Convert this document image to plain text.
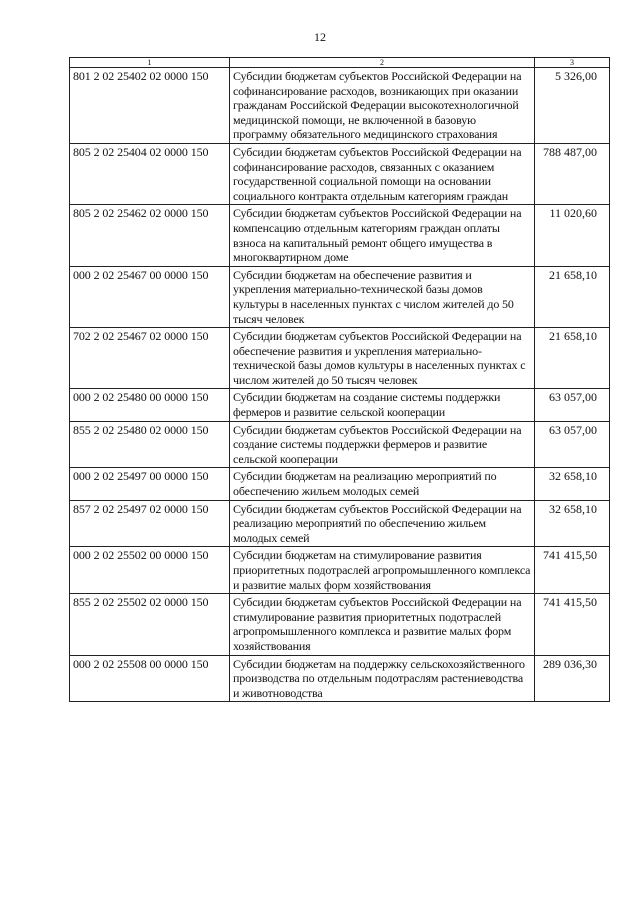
12
1	2	3
801 2 02 25402 02 0000 150	Субсидии бюджетам субъектов Российской Федерации на софинансирование расходов, возникающих при оказании гражданам Российской Федерации высокотехнологичной медицинской помощи, не включенной в базовую программу обязательного медицинского страхования	5 326,00
805 2 02 25404 02 0000 150	Субсидии бюджетам субъектов Российской Федерации на софинансирование расходов, связанных с оказанием государственной социальной помощи на основании социального контракта отдельным категориям граждан	788 487,00
805 2 02 25462 02 0000 150	Субсидии бюджетам субъектов Российской Федерации на компенсацию отдельным категориям граждан оплаты взноса на капитальный ремонт общего имущества в многоквартирном доме	11 020,60
000 2 02 25467 00 0000 150	Субсидии бюджетам на обеспечение развития и укрепления материально-технической базы домов культуры в населенных пунктах с числом жителей до 50 тысяч человек	21 658,10
702 2 02 25467 02 0000 150	Субсидии бюджетам субъектов Российской Федерации на обеспечение развития и укрепления материально-технической базы домов культуры в населенных пунктах с числом жителей до 50 тысяч человек	21 658,10
000 2 02 25480 00 0000 150	Субсидии бюджетам на создание системы поддержки фермеров и развитие сельской кооперации	63 057,00
855 2 02 25480 02 0000 150	Субсидии бюджетам субъектов Российской Федерации на создание системы поддержки фермеров и развитие сельской кооперации	63 057,00
000 2 02 25497 00 0000 150	Субсидии бюджетам на реализацию мероприятий по обеспечению жильем молодых семей	32 658,10
857 2 02 25497 02 0000 150	Субсидии бюджетам субъектов Российской Федерации на реализацию мероприятий по обеспечению жильем молодых семей	32 658,10
000 2 02 25502 00 0000 150	Субсидии бюджетам на стимулирование развития приоритетных подотраслей агропромышленного комплекса и развитие малых форм хозяйствования	741 415,50
855 2 02 25502 02 0000 150	Субсидии бюджетам субъектов Российской Федерации на стимулирование развития приоритетных подотраслей агропромышленного комплекса и развитие малых форм хозяйствования	741 415,50
000 2 02 25508 00 0000 150	Субсидии бюджетам на поддержку сельскохозяйственного производства по отдельным подотраслям растениеводства и животноводства	289 036,30
